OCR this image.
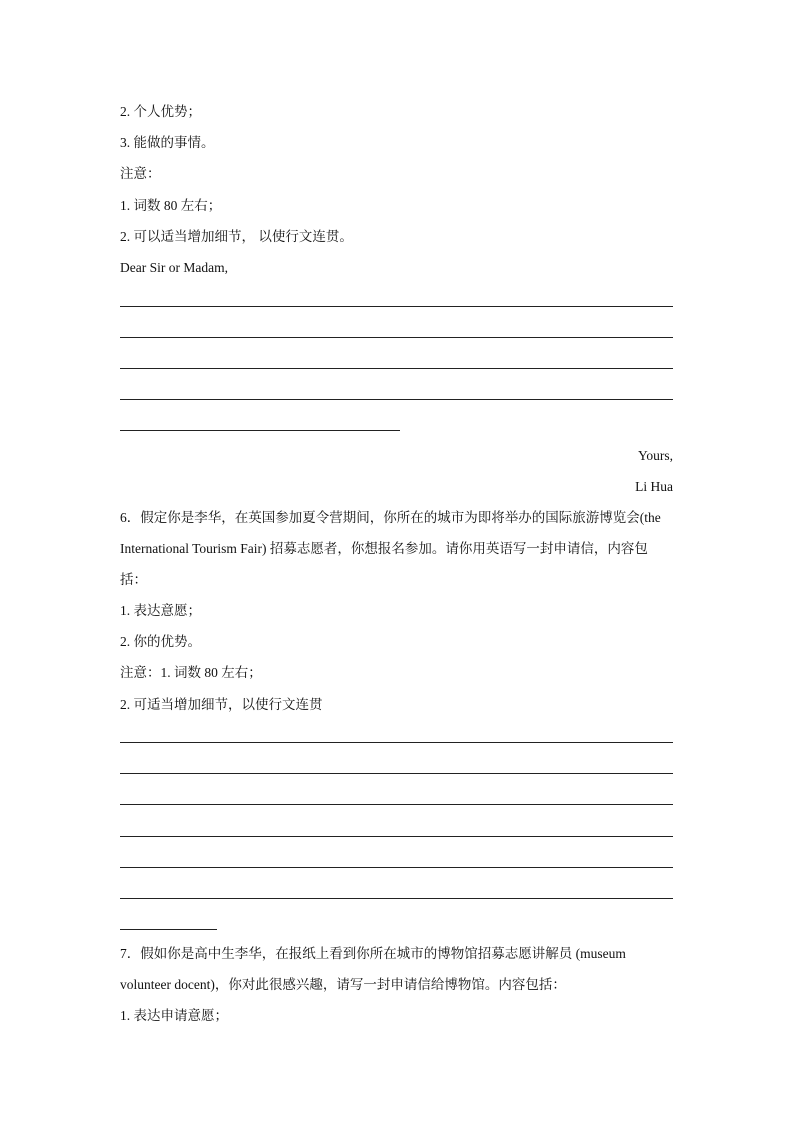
2. 个人优势；
3. 能做的事情。
注意：
1. 词数 80 左右；
2. 可以适当增加细节， 以使行文连贯。
Dear Sir or Madam,
Yours,
Li Hua
6．假定你是李华，在英国参加夏令营期间，你所在的城市为即将举办的国际旅游博览会(the
International Tourism Fair) 招募志愿者，你想报名参加。请你用英语写一封申请信，内容包
括：
1. 表达意愿；
2. 你的优势。
注意：1. 词数 80 左右；
2. 可适当增加细节，以使行文连贯
7．假如你是高中生李华，在报纸上看到你所在城市的博物馆招募志愿讲解员 (museum
volunteer docent)，你对此很感兴趣，请写一封申请信给博物馆。内容包括：
1. 表达申请意愿；
